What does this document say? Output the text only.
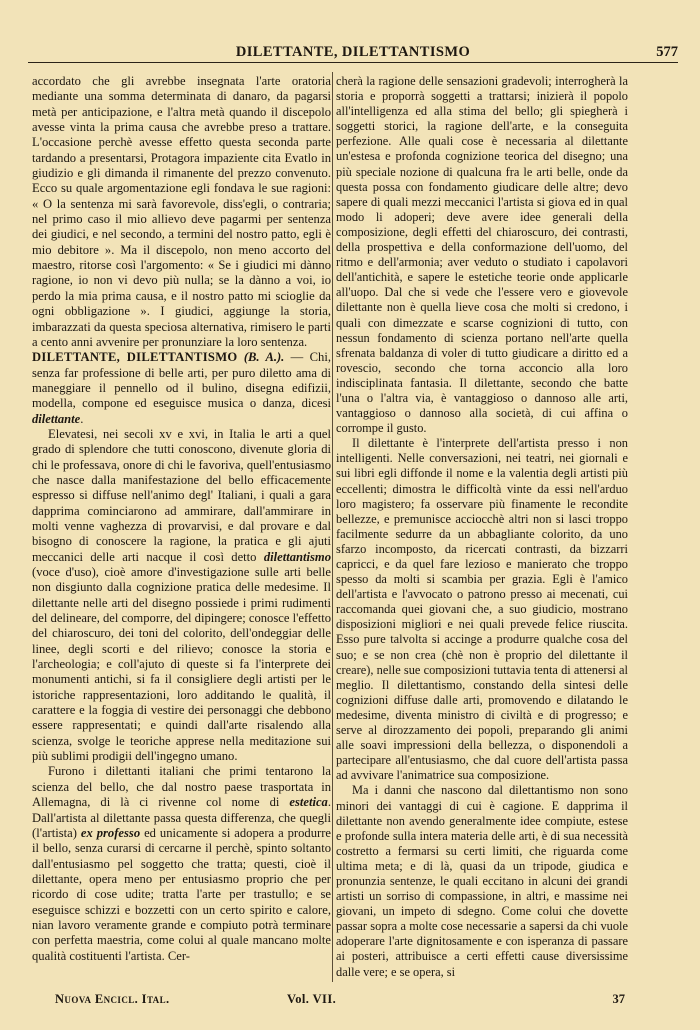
DILETTANTE, DILETTANTISMO	577

accordato che gli avrebbe insegnata l'arte oratoria mediante una somma determinata di danaro, da pagarsi metà per anticipazione, e l'altra metà quando il discepolo avesse vinta la prima causa che avrebbe preso a trattare. L'occasione perchè avesse effetto questa seconda parte tardando a presentarsi, Protagora impaziente cita Evatlo in giudizio e gli dimanda il rimanente del prezzo convenuto. Ecco su quale argomentazione egli fondava le sue ragioni: « O la sentenza mi sarà favorevole, diss'egli, o contraria; nel primo caso il mio allievo deve pagarmi per sentenza dei giudici, e nel secondo, a termini del nostro patto, egli è mio debitore ». Ma il discepolo, non meno accorto del maestro, ritorse così l'argomento: « Se i giudici mi dànno ragione, io non vi devo più nulla; se la dànno a voi, io perdo la mia prima causa, e il nostro patto mi scioglie da ogni obbligazione ». I giudici, aggiunge la storia, imbarazzati da questa speciosa alternativa, rimisero le parti a cento anni avvenire per pronunziare la loro sentenza.

DILETTANTE, DILETTANTISMO (B. A.). — Chi, senza far professione di belle arti, per puro diletto ama di maneggiare il pennello od il bulino, disegna edifizii, modella, compone ed eseguisce musica o danza, dicesi dilettante.

Elevatesi, nei secoli xv e xvi, in Italia le arti a quel grado di splendore che tutti conoscono, divenute gloria di chi le professava, onore di chi le favoriva, quell'entusiasmo che nasce dalla manifestazione del bello efficacemente espresso si diffuse nell'animo degl' Italiani, i quali a gara dapprima cominciarono ad ammirare, dall'ammirare in molti venne vaghezza di provarvisi, e dal provare e dal bisogno di conoscere la ragione, la pratica e gli ajuti meccanici delle arti nacque il così detto dilettantismo (voce d'uso), cioè amore d'investigazione sulle arti belle non disgiunto dalla cognizione pratica delle medesime. Il dilettante nelle arti del disegno possiede i primi rudimenti del delineare, del comporre, del dipingere; conosce l'effetto del chiaroscuro, dei toni del colorito, dell'ondeggiar delle linee, degli scorti e del rilievo; conosce la storia e l'archeologia; e coll'ajuto di queste si fa l'interprete dei monumenti antichi, si fa il consigliere degli artisti per le istoriche rappresentazioni, loro additando le qualità, il carattere e la foggia di vestire dei personaggi che debbono essere rappresentati; e quindi dall'arte risalendo alla scienza, svolge le teoriche apprese nella meditazione sui più sublimi prodigii dell'ingegno umano.

Furono i dilettanti italiani che primi tentarono la scienza del bello, che dal nostro paese trasportata in Allemagna, di là ci rivenne col nome di estetica. Dall'artista al dilettante passa questa differenza, che quegli (l'artista) ex professo ed unicamente si adopera a produrre il bello, senza curarsi di cercarne il perchè, spinto soltanto dall'entusiasmo pel soggetto che tratta; questi, cioè il dilettante, opera meno per entusiasmo proprio che per ricordo di cose udite; tratta l'arte per trastullo; e se eseguisce schizzi e bozzetti con un certo spirito e calore, nian lavoro veramente grande e compiuto potrà terminare con perfetta maestria, come colui al quale mancano molte qualità costituenti l'artista. Cer-

cherà la ragione delle sensazioni gradevoli; interrogherà la storia e proporrà soggetti a trattarsi; inizierà il popolo all'intelligenza ed alla stima del bello; gli spiegherà i soggetti storici, la ragione dell'arte, e la conseguita perfezione. Alle quali cose è necessaria al dilettante un'estesa e profonda cognizione teorica del disegno; una più speciale nozione di qualcuna fra le arti belle, onde da questa possa con fondamento giudicare delle altre; devo sapere di quali mezzi meccanici l'artista si giova ed in qual modo li adoperi; deve avere idee generali della composizione, degli effetti del chiaroscuro, dei contrasti, della prospettiva e della conformazione dell'uomo, del ritmo e dell'armonia; aver veduto o studiato i capolavori dell'antichità, e sapere le estetiche teorie onde applicarle all'uopo. Dal che si vede che l'essere vero e giovevole dilettante non è quella lieve cosa che molti si credono, i quali con dimezzate e scarse cognizioni di tutto, con nessun fondamento di scienza portano nell'arte quella sfrenata baldanza di voler di tutto giudicare a diritto ed a rovescio, secondo che torna acconcio alla loro indisciplinata fantasia. Il dilettante, secondo che batte l'una o l'altra via, è vantaggioso o dannoso alle arti, vantaggioso o dannoso alla società, di cui affina o corrompe il gusto.

Il dilettante è l'interprete dell'artista presso i non intelligenti. Nelle conversazioni, nei teatri, nei giornali e sui libri egli diffonde il nome e la valentia degli artisti più eccellenti; dimostra le difficoltà vinte da essi nell'arduo loro magistero; fa osservare più finamente le recondite bellezze, e premunisce acciocchè altri non si lasci troppo facilmente sedurre da un abbagliante colorito, da uno sfarzo incomposto, da ricercati contrasti, da bizzarri capricci, e da quel fare lezioso e manierato che troppo spesso da molti si scambia per grazia. Egli è l'amico dell'artista e l'avvocato o patrono presso ai mecenati, cui raccomanda quei giovani che, a suo giudicio, mostrano disposizioni migliori e nei quali prevede felice riuscita. Esso pure talvolta si accinge a produrre qualche cosa del suo; e se non crea (chè non è proprio del dilettante il creare), nelle sue composizioni tuttavia tenta di attenersi al meglio. Il dilettantismo, constando della sintesi delle cognizioni diffuse dalle arti, promovendo e dilatando le medesime, diventa ministro di civiltà e di progresso; e serve al dirozzamento dei popoli, preparando gli animi alle soavi impressioni della bellezza, o disponendoli a partecipare all'entusiasmo, che dal cuore dell'artista passa ad avvivare l'animatrice sua composizione.

Ma i danni che nascono dal dilettantismo non sono minori dei vantaggi di cui è cagione. E dapprima il dilettante non avendo generalmente idee compiute, estese e profonde sulla intera materia delle arti, è di sua necessità costretto a fermarsi su certi limiti, che riguarda come ultima meta; e di là, quasi da un tripode, giudica e pronunzia sentenze, le quali eccitano in alcuni dei grandi artisti un sorriso di compassione, in altri, e massime nei giovani, un impeto di sdegno. Come colui che dovette passar sopra a molte cose necessarie a sapersi da chi vuole adoperare l'arte dignitosamente e con isperanza di passare ai posteri, attribuisce a certi effetti cause diversissime dalle vere; e se opera, si

Nuova Encicl. Ital.	Vol. VII.	37
